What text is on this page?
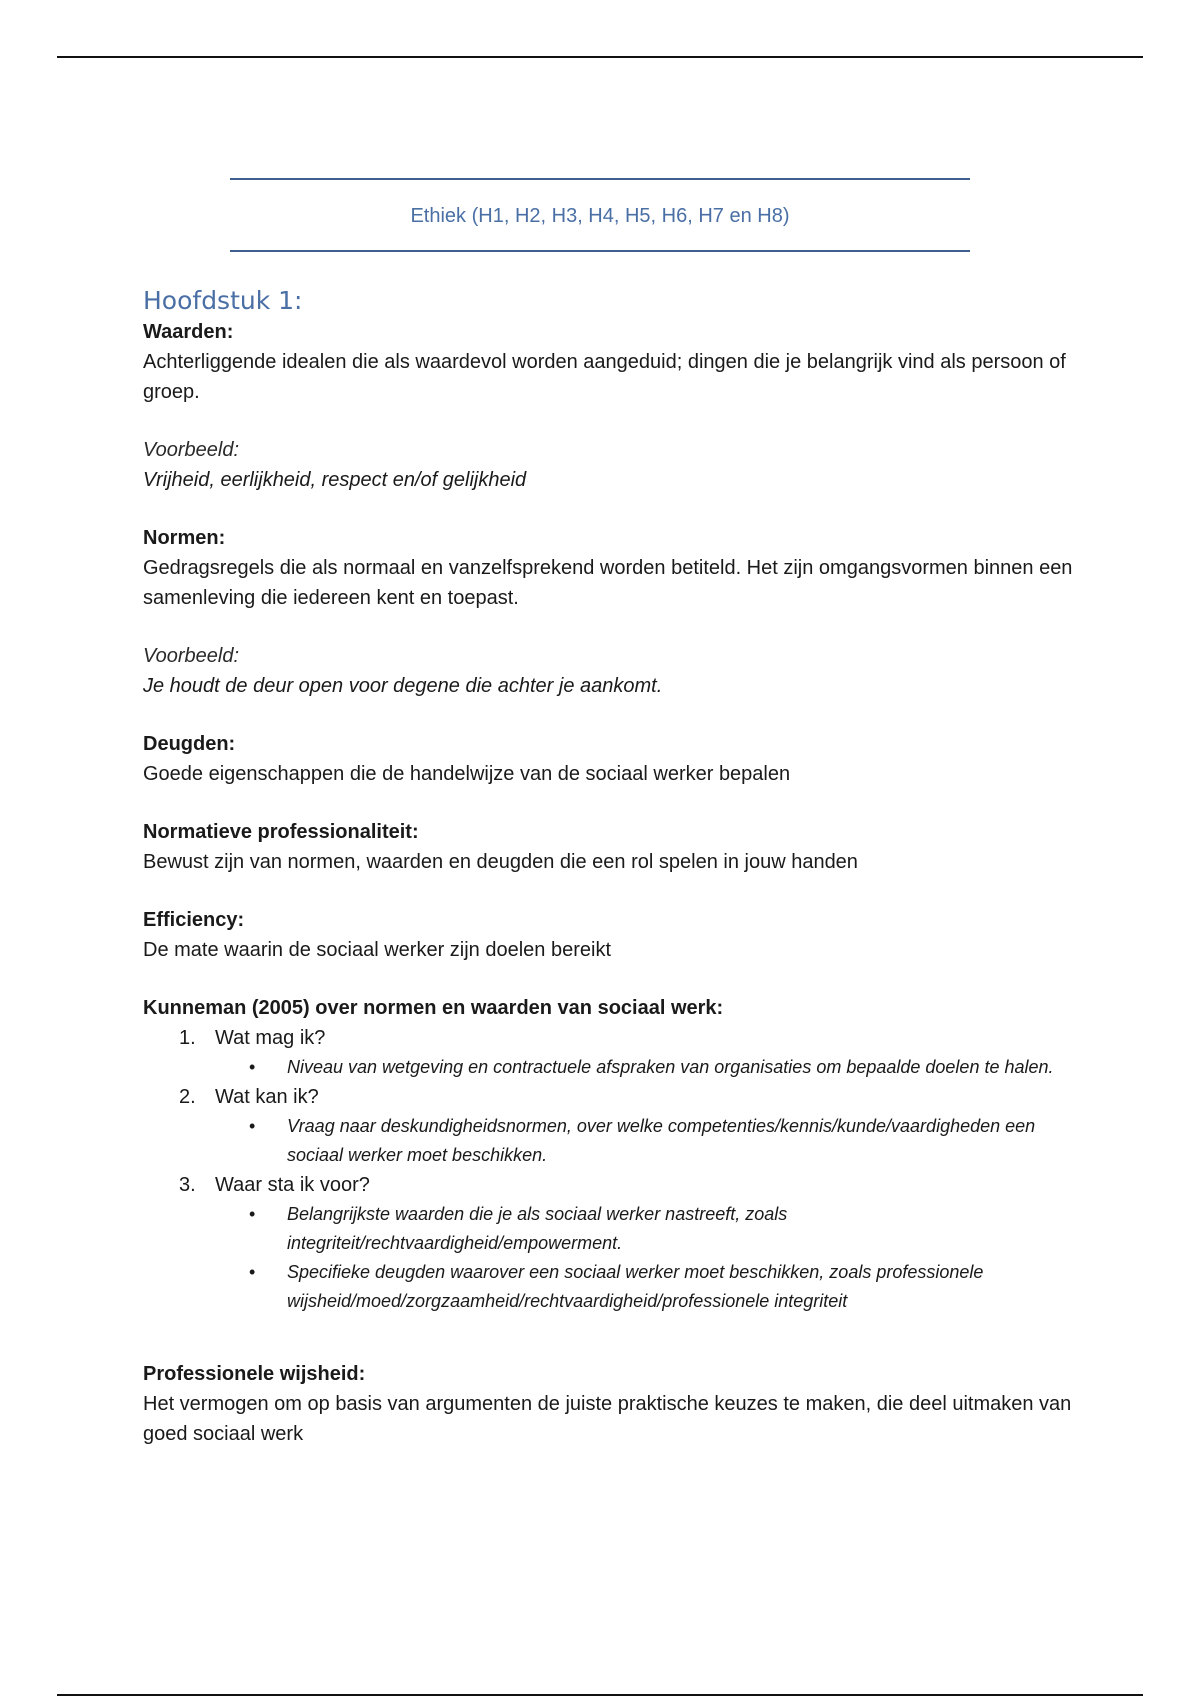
Ethiek (H1, H2, H3, H4, H5, H6, H7 en H8)
Hoofdstuk 1:

Waarden:

Achterliggende idealen die als waardevol worden aangeduid; dingen die je belangrijk vind als persoon of groep.

Voorbeeld:

Vrijheid, eerlijkheid, respect en/of gelijkheid

Normen:

Gedragsregels die als normaal en vanzelfsprekend worden betiteld. Het zijn omgangsvormen binnen een samenleving die iedereen kent en toepast.

Voorbeeld:

Je houdt de deur open voor degene die achter je aankomt.

Deugden:

Goede eigenschappen die de handelwijze van de sociaal werker bepalen

Normatieve professionaliteit:

Bewust zijn van normen, waarden en deugden die een rol spelen in jouw handen

Efficiency:

De mate waarin de sociaal werker zijn doelen bereikt

Kunneman (2005) over normen en waarden van sociaal werk:

1. Wat mag ik?
• Niveau van wetgeving en contractuele afspraken van organisaties om bepaalde doelen te halen.
2. Wat kan ik?
• Vraag naar deskundigheidsnormen, over welke competenties/kennis/kunde/vaardigheden een sociaal werker moet beschikken.
3. Waar sta ik voor?
• Belangrijkste waarden die je als sociaal werker nastreeft, zoals integriteit/rechtvaardigheid/empowerment.
• Specifieke deugden waarover een sociaal werker moet beschikken, zoals professionele wijsheid/moed/zorgzaamheid/rechtvaardigheid/professionele integriteit

Professionele wijsheid:

Het vermogen om op basis van argumenten de juiste praktische keuzes te maken, die deel uitmaken van goed sociaal werk
